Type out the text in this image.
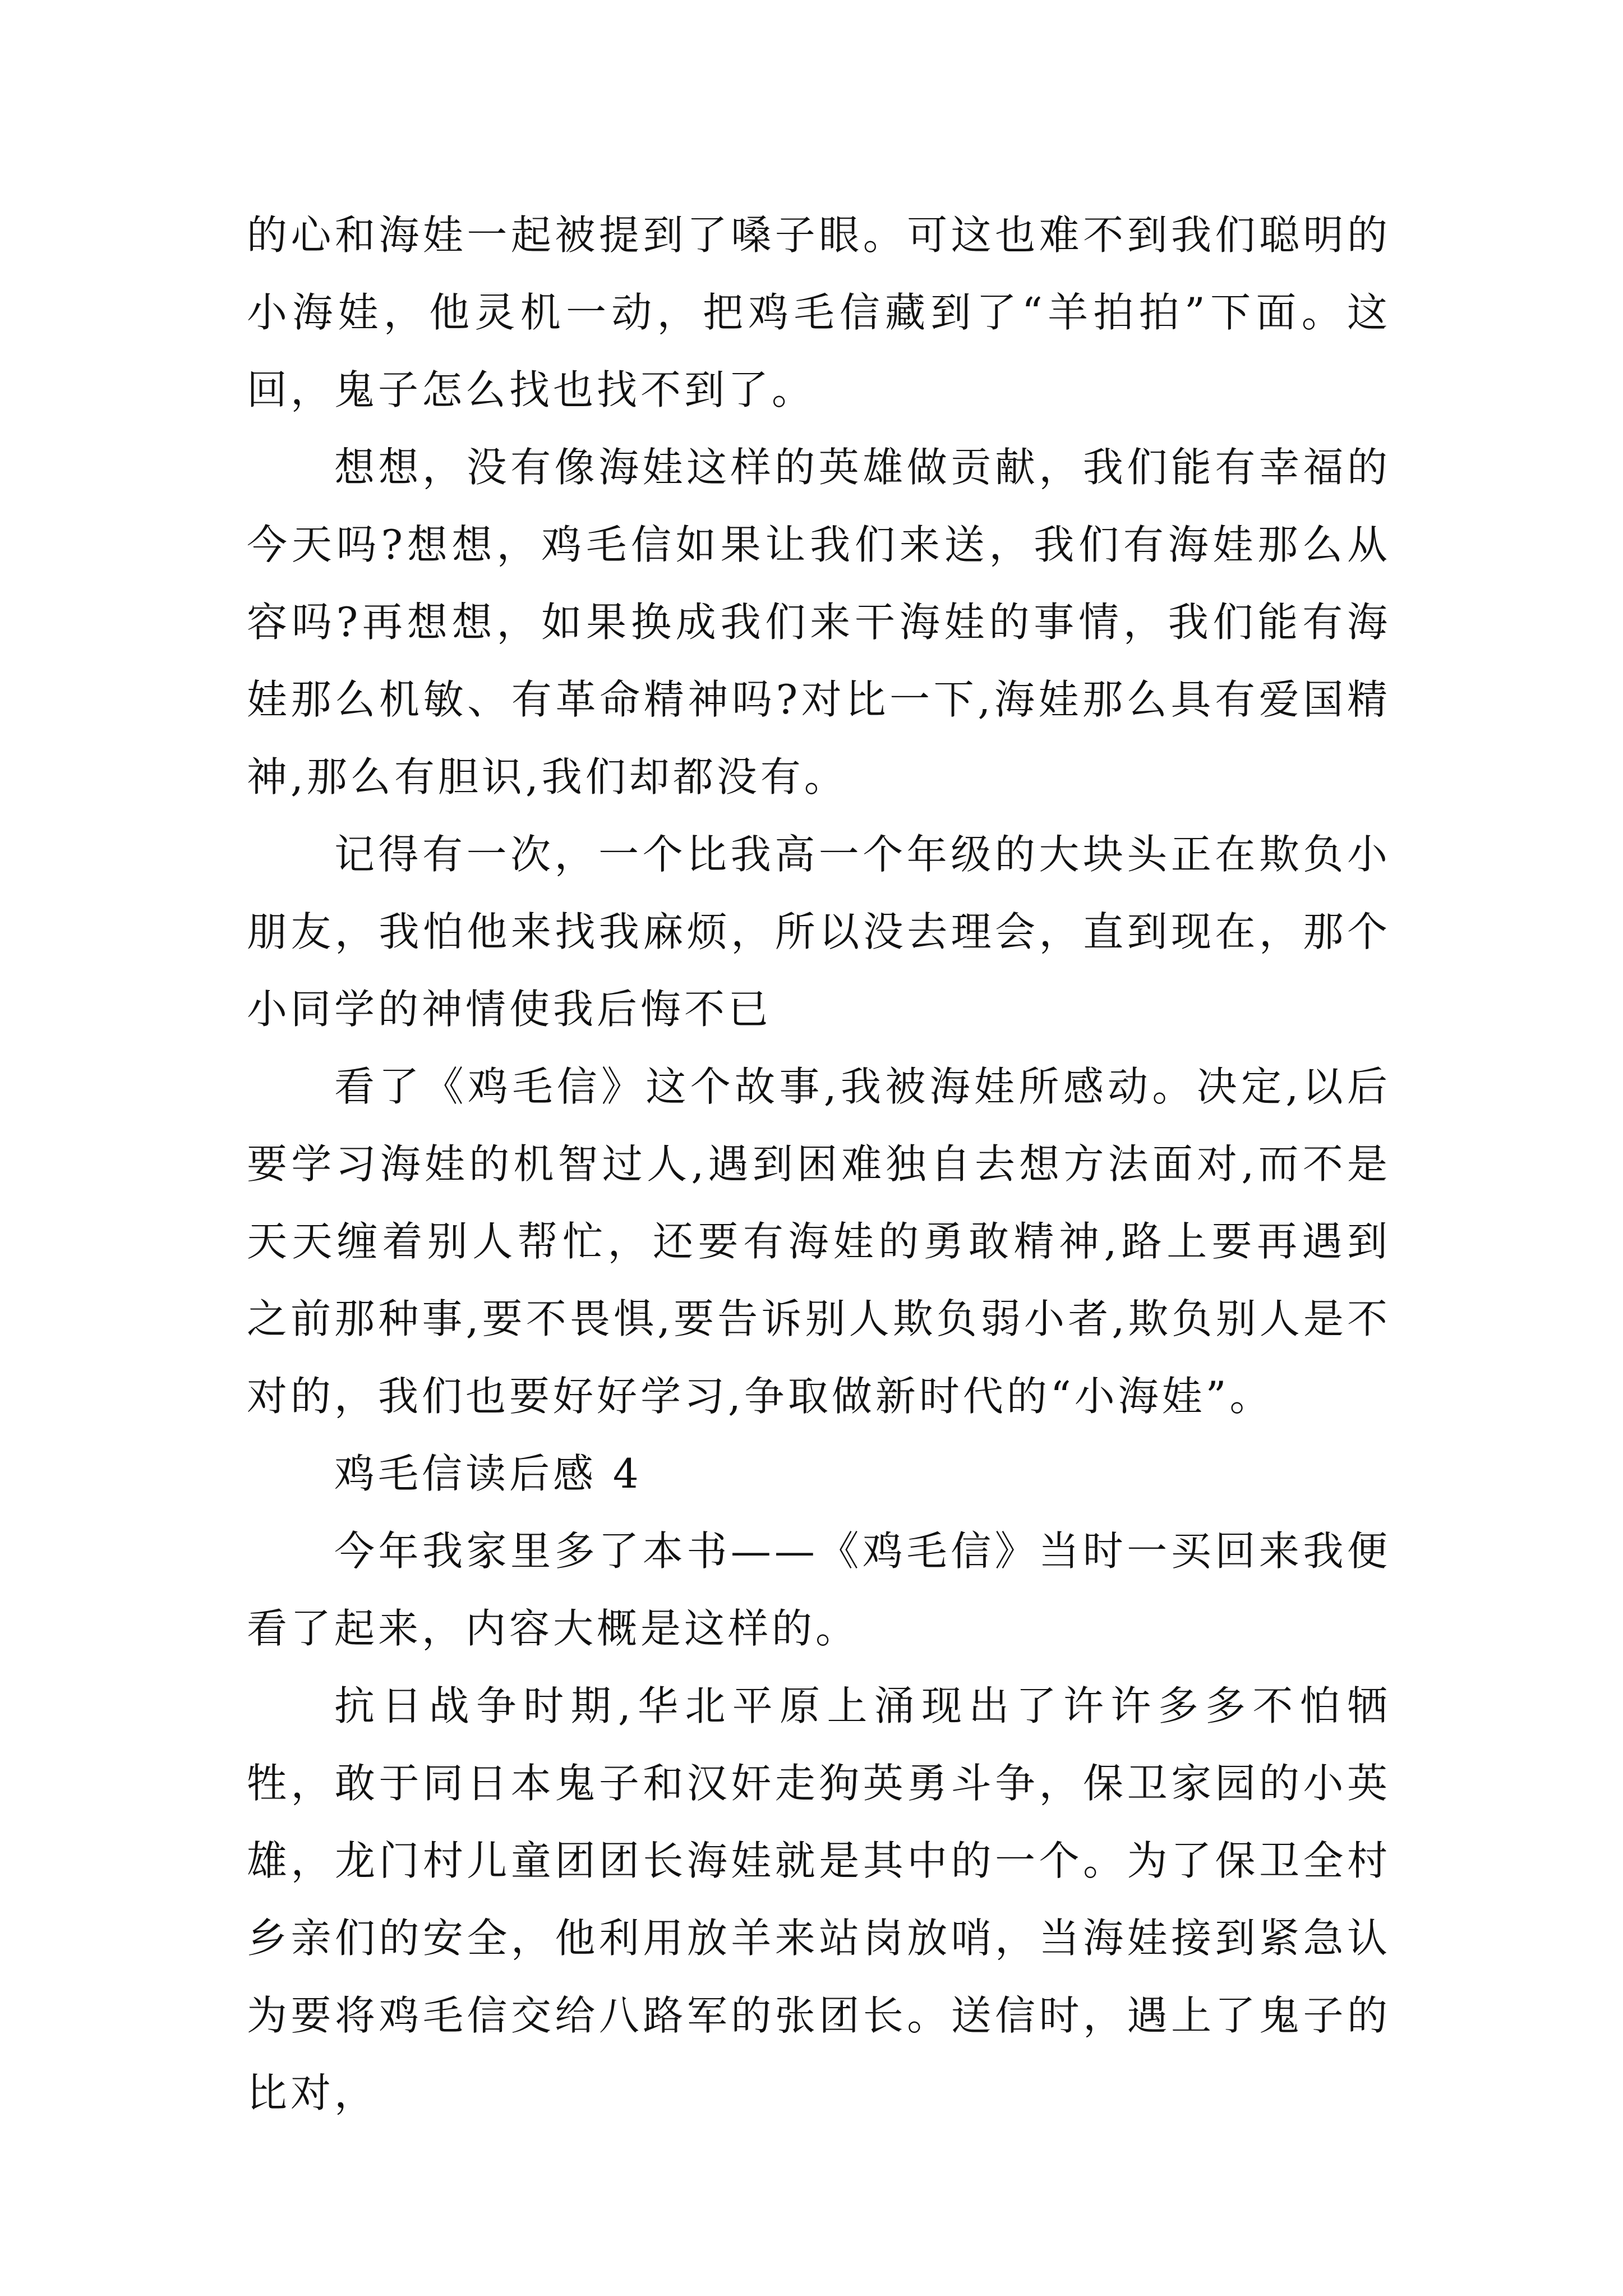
的心和海娃一起被提到了嗓子眼。可这也难不到我们聪明的小海娃，他灵机一动，把鸡毛信藏到了“羊拍拍”下面。这回，鬼子怎么找也找不到了。

想想，没有像海娃这样的英雄做贡献，我们能有幸福的今天吗?想想，鸡毛信如果让我们来送，我们有海娃那么从容吗?再想想，如果换成我们来干海娃的事情，我们能有海娃那么机敏、有革命精神吗?对比一下,海娃那么具有爱国精神,那么有胆识,我们却都没有。

记得有一次，一个比我高一个年级的大块头正在欺负小朋友，我怕他来找我麻烦，所以没去理会，直到现在，那个小同学的神情使我后悔不已

看了《鸡毛信》这个故事,我被海娃所感动。决定,以后要学习海娃的机智过人,遇到困难独自去想方法面对,而不是天天缠着别人帮忙，还要有海娃的勇敢精神,路上要再遇到之前那种事,要不畏惧,要告诉别人欺负弱小者,欺负别人是不对的，我们也要好好学习,争取做新时代的“小海娃”。

鸡毛信读后感 4

今年我家里多了本书——《鸡毛信》当时一买回来我便看了起来，内容大概是这样的。

抗日战争时期,华北平原上涌现出了许许多多不怕牺牲，敢于同日本鬼子和汉奸走狗英勇斗争，保卫家园的小英雄，龙门村儿童团团长海娃就是其中的一个。为了保卫全村乡亲们的安全，他利用放羊来站岗放哨，当海娃接到紧急认为要将鸡毛信交给八路军的张团长。送信时，遇上了鬼子的比对，
